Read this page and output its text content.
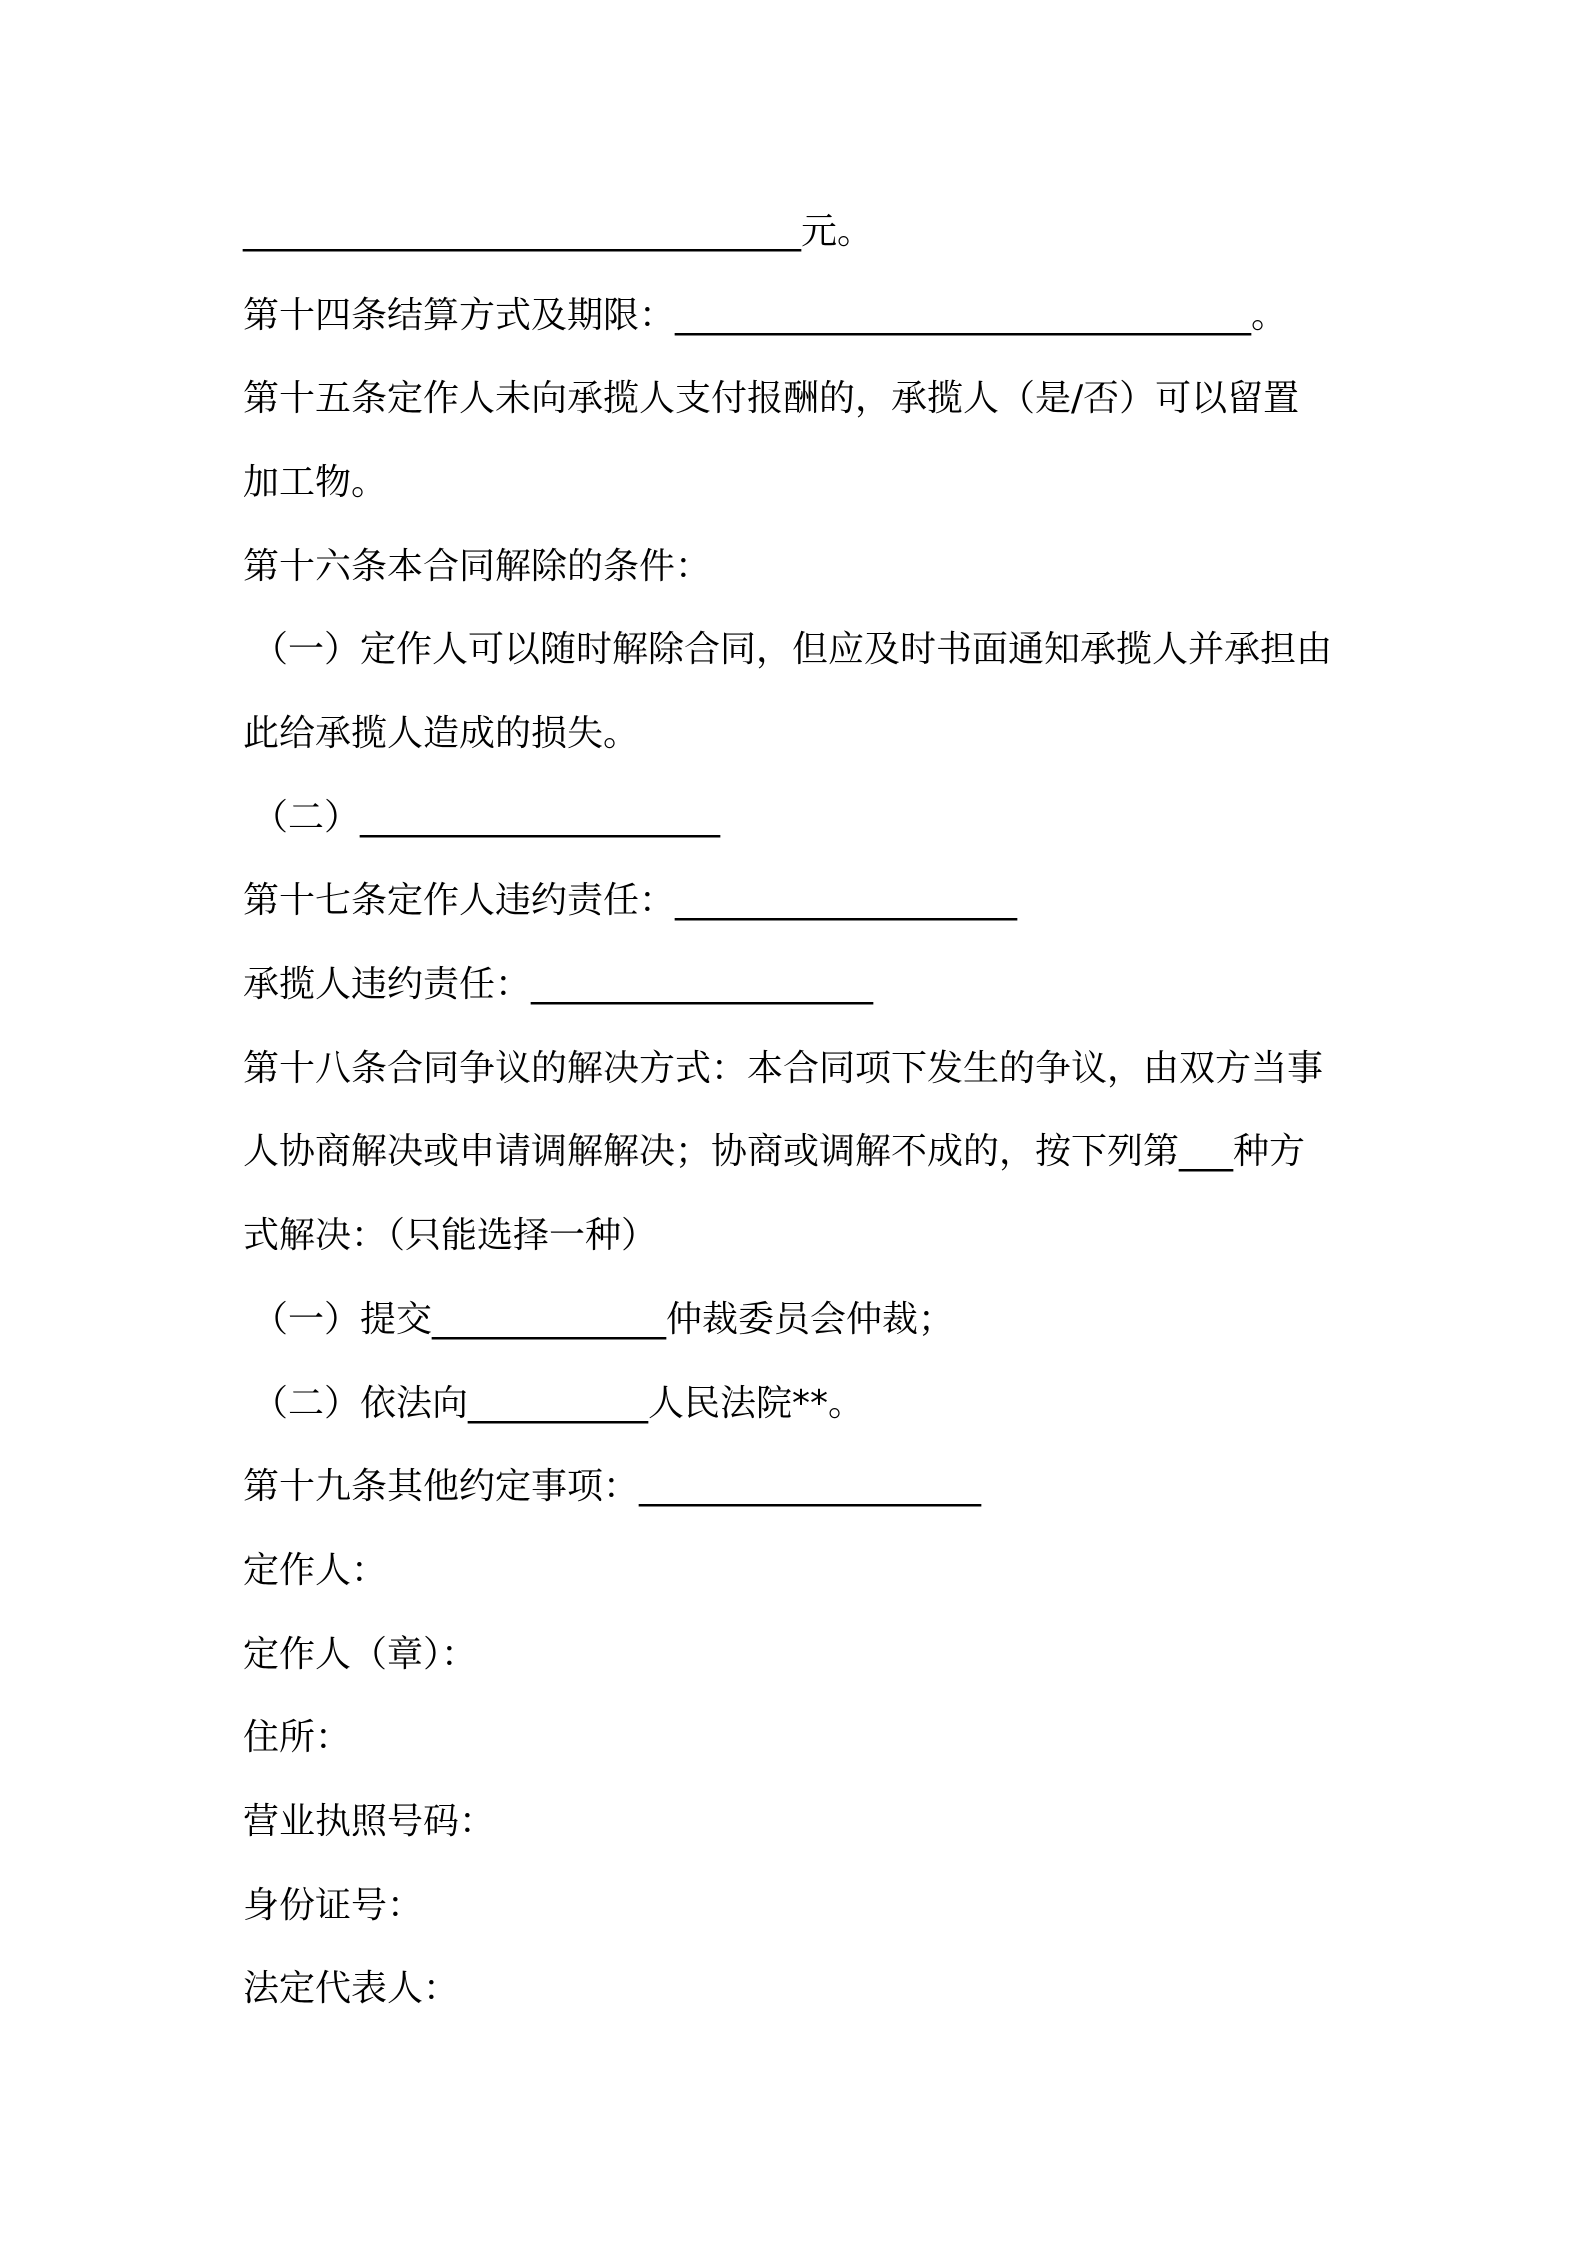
_______________________________元。
第十四条结算方式及期限：________________________________。
第十五条定作人未向承揽人支付报酬的，承揽人（是/否）可以留置
加工物。
第十六条本合同解除的条件：
（一）定作人可以随时解除合同，但应及时书面通知承揽人并承担由
此给承揽人造成的损失。
（二）____________________
第十七条定作人违约责任：___________________
承揽人违约责任：___________________
第十八条合同争议的解决方式：本合同项下发生的争议，由双方当事
人协商解决或申请调解解决；协商或调解不成的，按下列第___种方
式解决：（只能选择一种）
（一）提交_____________仲裁委员会仲裁；
（二）依法向__________人民法院**。
第十九条其他约定事项：___________________
定作人：
定作人（章）：
住所：
营业执照号码：
身份证号：
法定代表人：
